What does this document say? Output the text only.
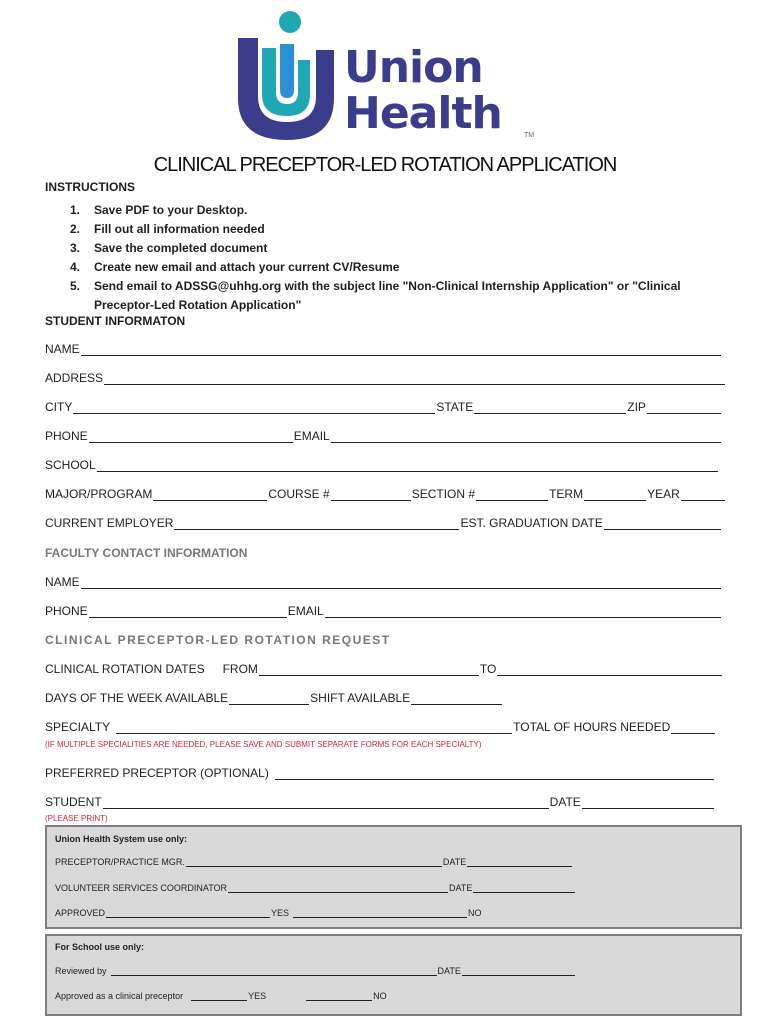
Union
Health	TM
CLINICAL PRECEPTOR-LED ROTATION APPLICATION
INSTRUCTIONS
1.	Save PDF to your Desktop.
2.	Fill out all information needed
3.	Save the completed document
4.	Create new email and attach your current CV/Resume
5.	Send email to ADSSG@uhhg.org with the subject line "Non-Clinical Internship Application" or "Clinical Preceptor-Led Rotation Application"
STUDENT INFORMATON
NAME
ADDRESS
CITY	STATE	ZIP
PHONE	EMAIL
SCHOOL
MAJOR/PROGRAM	COURSE #	SECTION #	TERM	YEAR
CURRENT EMPLOYER	EST. GRADUATION DATE
FACULTY CONTACT INFORMATION
NAME
PHONE	EMAIL
CLINICAL PRECEPTOR-LED ROTATION REQUEST
CLINICAL ROTATION DATES FROM	TO
DAYS OF THE WEEK AVAILABLE	SHIFT AVAILABLE
SPECIALTY	TOTAL OF HOURS NEEDED
(IF MULTIPLE SPECIALITIES ARE NEEDED, PLEASE SAVE AND SUBMIT SEPARATE FORMS FOR EACH SPECIALTY)
PREFERRED PRECEPTOR (OPTIONAL)
STUDENT	DATE
(PLEASE PRINT)
Union Health System use only:
PRECEPTOR/PRACTICE MGR.	DATE
VOLUNTEER SERVICES COORDINATOR	DATE
APPROVED	YES	NO
For School use only:
Reviewed by	DATE
Approved as a clinical preceptor	YES	NO
